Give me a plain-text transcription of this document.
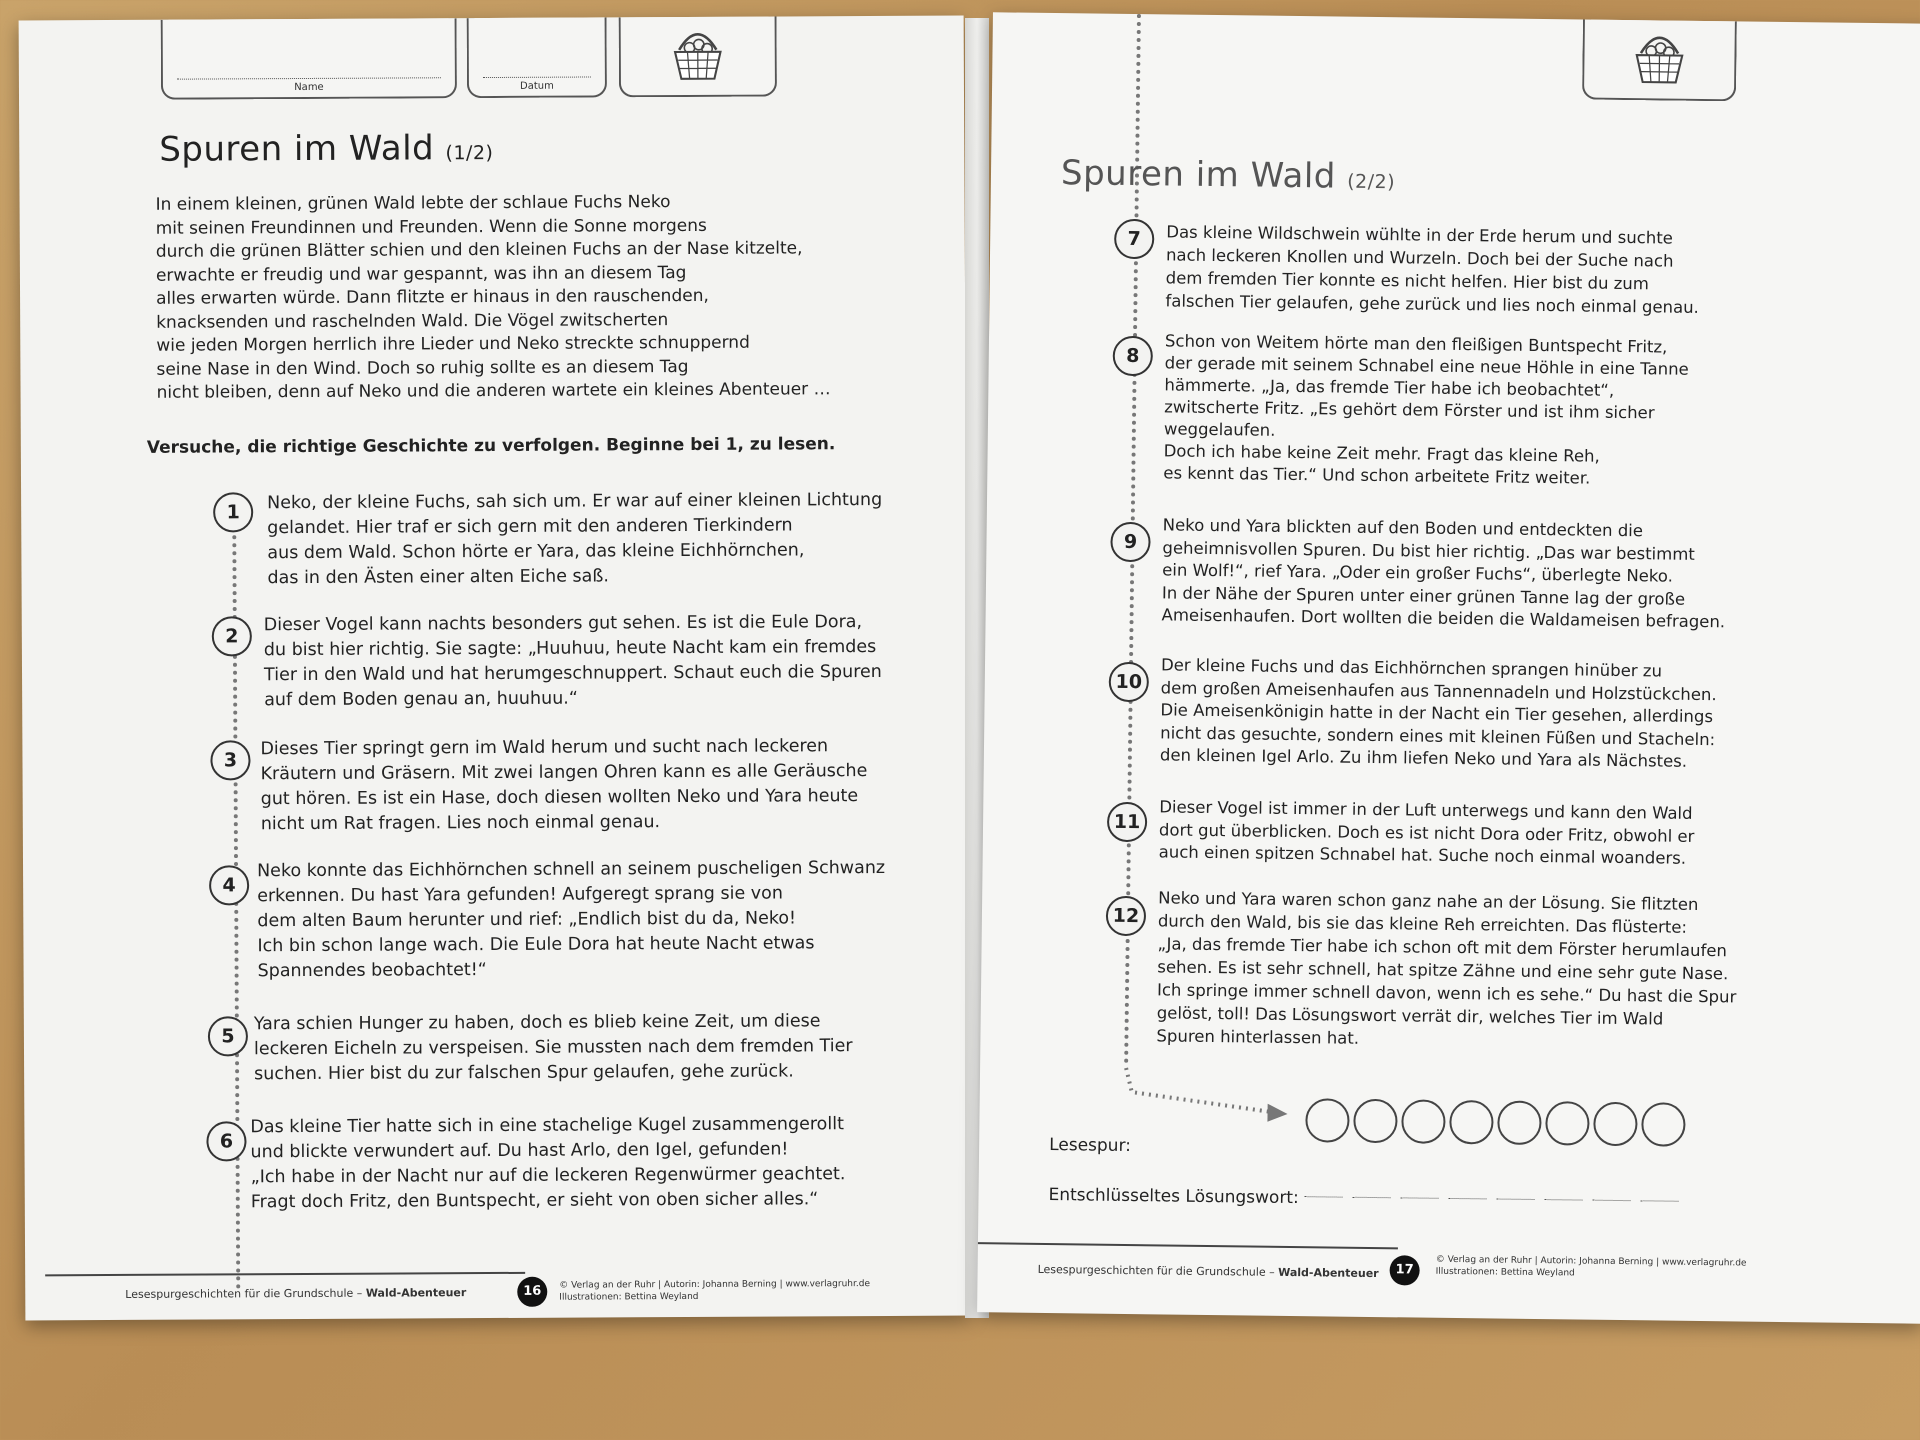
Name	Datum
Spuren im Wald (1/2)
In einem kleinen, grünen Wald lebte der schlaue Fuchs Neko
mit seinen Freundinnen und Freunden. Wenn die Sonne morgens
durch die grünen Blätter schien und den kleinen Fuchs an der Nase kitzelte,
erwachte er freudig und war gespannt, was ihn an diesem Tag
alles erwarten würde. Dann flitzte er hinaus in den rauschenden,
knacksenden und raschelnden Wald. Die Vögel zwitscherten
wie jeden Morgen herrlich ihre Lieder und Neko streckte schnuppernd
seine Nase in den Wind. Doch so ruhig sollte es an diesem Tag
nicht bleiben, denn auf Neko und die anderen wartete ein kleines Abenteuer …
Versuche, die richtige Geschichte zu verfolgen. Beginne bei 1, zu lesen.
1	Neko, der kleine Fuchs, sah sich um. Er war auf einer kleinen Lichtung
gelandet. Hier traf er sich gern mit den anderen Tierkindern
aus dem Wald. Schon hörte er Yara, das kleine Eichhörnchen,
das in den Ästen einer alten Eiche saß.
2
Dieser Vogel kann nachts besonders gut sehen. Es ist die Eule Dora,
du bist hier richtig. Sie sagte: „Huuhuu, heute Nacht kam ein fremdes
Tier in den Wald und hat herumgeschnuppert. Schaut euch die Spuren
auf dem Boden genau an, huuhuu.“
3
Dieses Tier springt gern im Wald herum und sucht nach leckeren
Kräutern und Gräsern. Mit zwei langen Ohren kann es alle Geräusche
gut hören. Es ist ein Hase, doch diesen wollten Neko und Yara heute
nicht um Rat fragen. Lies noch einmal genau.
4
Neko konnte das Eichhörnchen schnell an seinem puscheligen Schwanz
erkennen. Du hast Yara gefunden! Aufgeregt sprang sie von
dem alten Baum herunter und rief: „Endlich bist du da, Neko!
Ich bin schon lange wach. Die Eule Dora hat heute Nacht etwas
Spannendes beobachtet!“
5
Yara schien Hunger zu haben, doch es blieb keine Zeit, um diese
leckeren Eicheln zu verspeisen. Sie mussten nach dem fremden Tier
suchen. Hier bist du zur falschen Spur gelaufen, gehe zurück.
6
Das kleine Tier hatte sich in eine stachelige Kugel zusammengerollt
und blickte verwundert auf. Du hast Arlo, den Igel, gefunden!
„Ich habe in der Nacht nur auf die leckeren Regenwürmer geachtet.
Fragt doch Fritz, den Buntspecht, er sieht von oben sicher alles.“
Lesespurgeschichten für die Grundschule – Wald-Abenteuer	16	© Verlag an der Ruhr | Autorin: Johanna Berning | www.verlagruhr.de
Illustrationen: Bettina Weyland
Spuren im Wald (2/2)
7	Das kleine Wildschwein wühlte in der Erde herum und suchte
nach leckeren Knollen und Wurzeln. Doch bei der Suche nach
dem fremden Tier konnte es nicht helfen. Hier bist du zum
falschen Tier gelaufen, gehe zurück und lies noch einmal genau.
8	Schon von Weitem hörte man den fleißigen Buntspecht Fritz,
der gerade mit seinem Schnabel eine neue Höhle in eine Tanne
hämmerte. „Ja, das fremde Tier habe ich beobachtet“,
zwitscherte Fritz. „Es gehört dem Förster und ist ihm sicher
weggelaufen.
Doch ich habe keine Zeit mehr. Fragt das kleine Reh,
es kennt das Tier.“ Und schon arbeitete Fritz weiter.
9
Neko und Yara blickten auf den Boden und entdeckten die
geheimnisvollen Spuren. Du bist hier richtig. „Das war bestimmt
ein Wolf!“, rief Yara. „Oder ein großer Fuchs“, überlegte Neko.
In der Nähe der Spuren unter einer grünen Tanne lag der große
Ameisenhaufen. Dort wollten die beiden die Waldameisen befragen.
10
Der kleine Fuchs und das Eichhörnchen sprangen hinüber zu
dem großen Ameisenhaufen aus Tannennadeln und Holzstückchen.
Die Ameisenkönigin hatte in der Nacht ein Tier gesehen, allerdings
nicht das gesuchte, sondern eines mit kleinen Füßen und Stacheln:
den kleinen Igel Arlo. Zu ihm liefen Neko und Yara als Nächstes.
11	Dieser Vogel ist immer in der Luft unterwegs und kann den Wald
dort gut überblicken. Doch es ist nicht Dora oder Fritz, obwohl er
auch einen spitzen Schnabel hat. Suche noch einmal woanders.
12
Neko und Yara waren schon ganz nahe an der Lösung. Sie flitzten
durch den Wald, bis sie das kleine Reh erreichten. Das flüsterte:
„Ja, das fremde Tier habe ich schon oft mit dem Förster herumlaufen
sehen. Es ist sehr schnell, hat spitze Zähne und eine sehr gute Nase.
Ich springe immer schnell davon, wenn ich es sehe.“ Du hast die Spur
gelöst, toll! Das Lösungswort verrät dir, welches Tier im Wald
Spuren hinterlassen hat.
Lesespur:
Entschlüsseltes Lösungswort:
Lesespurgeschichten für die Grundschule – Wald-Abenteuer	17
© Verlag an der Ruhr | Autorin: Johanna Berning | www.verlagruhr.de
Illustrationen: Bettina Weyland
